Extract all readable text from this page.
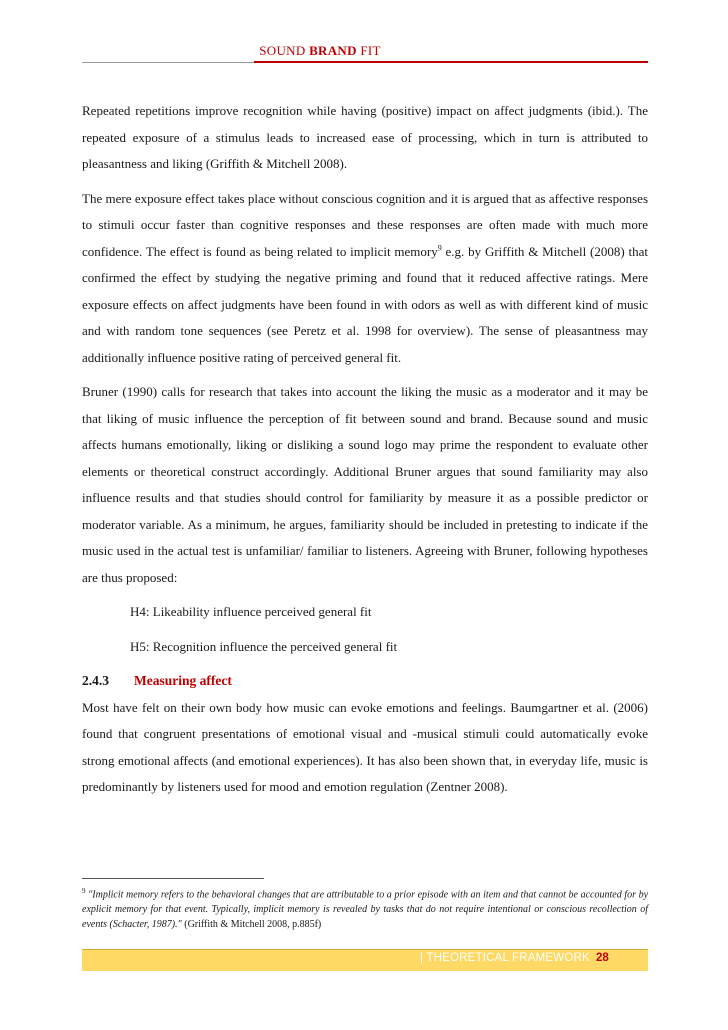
SOUND BRAND FIT

Repeated repetitions improve recognition while having (positive) impact on affect judgments (ibid.). The repeated exposure of a stimulus leads to increased ease of processing, which in turn is attributed to pleasantness and liking (Griffith & Mitchell 2008).

The mere exposure effect takes place without conscious cognition and it is argued that as affective responses to stimuli occur faster than cognitive responses and these responses are often made with much more confidence. The effect is found as being related to implicit memory$^9$ e.g. by Griffith & Mitchell (2008) that confirmed the effect by studying the negative priming and found that it reduced affective ratings. Mere exposure effects on affect judgments have been found in with odors as well as with different kind of music and with random tone sequences (see Peretz et al. 1998 for overview). The sense of pleasantness may additionally influence positive rating of perceived general fit.

Bruner (1990) calls for research that takes into account the liking the music as a moderator and it may be that liking of music influence the perception of fit between sound and brand. Because sound and music affects humans emotionally, liking or disliking a sound logo may prime the respondent to evaluate other elements or theoretical construct accordingly. Additional Bruner argues that sound familiarity may also influence results and that studies should control for familiarity by measure it as a possible predictor or moderator variable. As a minimum, he argues, familiarity should be included in pretesting to indicate if the music used in the actual test is unfamiliar/ familiar to listeners. Agreeing with Bruner, following hypotheses are thus proposed:

H4: Likeability influence perceived general fit

H5: Recognition influence the perceived general fit

2.4.3 Measuring affect

Most have felt on their own body how music can evoke emotions and feelings. Baumgartner et al. (2006) found that congruent presentations of emotional visual and -musical stimuli could automatically evoke strong emotional affects (and emotional experiences). It has also been shown that, in everyday life, music is predominantly by listeners used for mood and emotion regulation (Zentner 2008).

$^9$ "Implicit memory refers to the behavioral changes that are attributable to a prior episode with an item and that cannot be accounted for by explicit memory for that event. Typically, implicit memory is revealed by tasks that do not require intentional or conscious recollection of events (Schacter, 1987)." (Griffith & Mitchell 2008, p.885f)
| THEORETICAL FRAMEWORK 28
